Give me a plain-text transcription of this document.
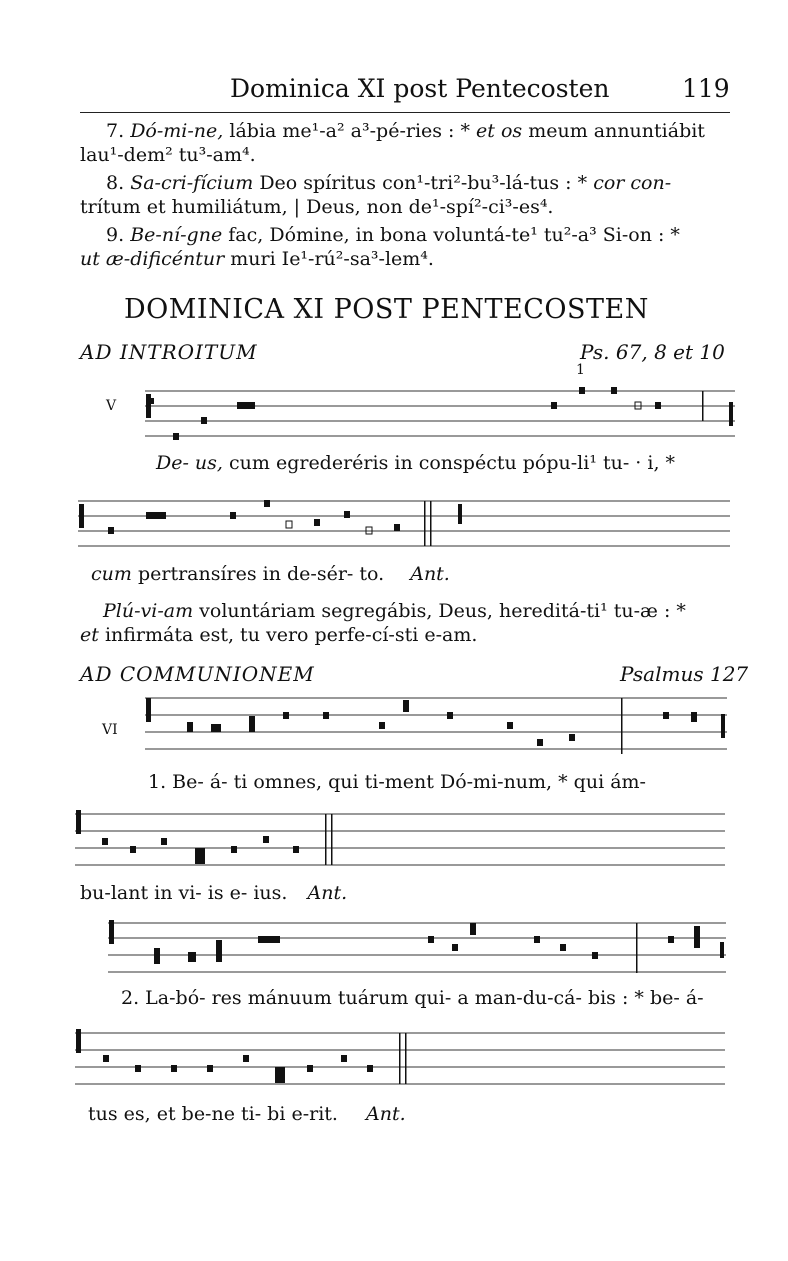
Dominica XI post Pentecosten	119
7. Dó-mi-ne, lábia me¹-a² a³-pé-ries : * et os meum annuntiábit
lau¹-dem² tu³-am⁴.
8. Sa-cri-fícium Deo spíritus con¹-tri²-bu³-lá-tus : * cor con-
trítum et humiliátum, | Deus, non de¹-spí²-ci³-es⁴.
9. Be-ní-gne fac, Dómine, in bona voluntá-te¹ tu²-a³ Si-on : *
ut æ-dificéntur muri Ie¹-rú²-sa³-lem⁴.
DOMINICA XI POST PENTECOSTEN
AD INTROITUM	Ps. 67, 8 et 10
1
V
De- us, cum egrederéris in conspéctu pópu-li¹ tu- · i, *
cum pertransíres in de-sér- to. Ant.
Plú-vi-am voluntáriam segregábis, Deus, hereditá-ti¹ tu-æ : *
et infirmáta est, tu vero perfe-cí-sti e-am.
AD COMMUNIONEM	Psalmus 127
VI
1. Be- á- ti omnes, qui ti-ment Dó-mi-num, * qui ám-
bu-lant in vi- is e- ius. Ant.
2. La-bó- res mánuum tuárum qui- a man-du-cá- bis : * be- á-
tus es, et be-ne ti- bi e-rit. Ant.
